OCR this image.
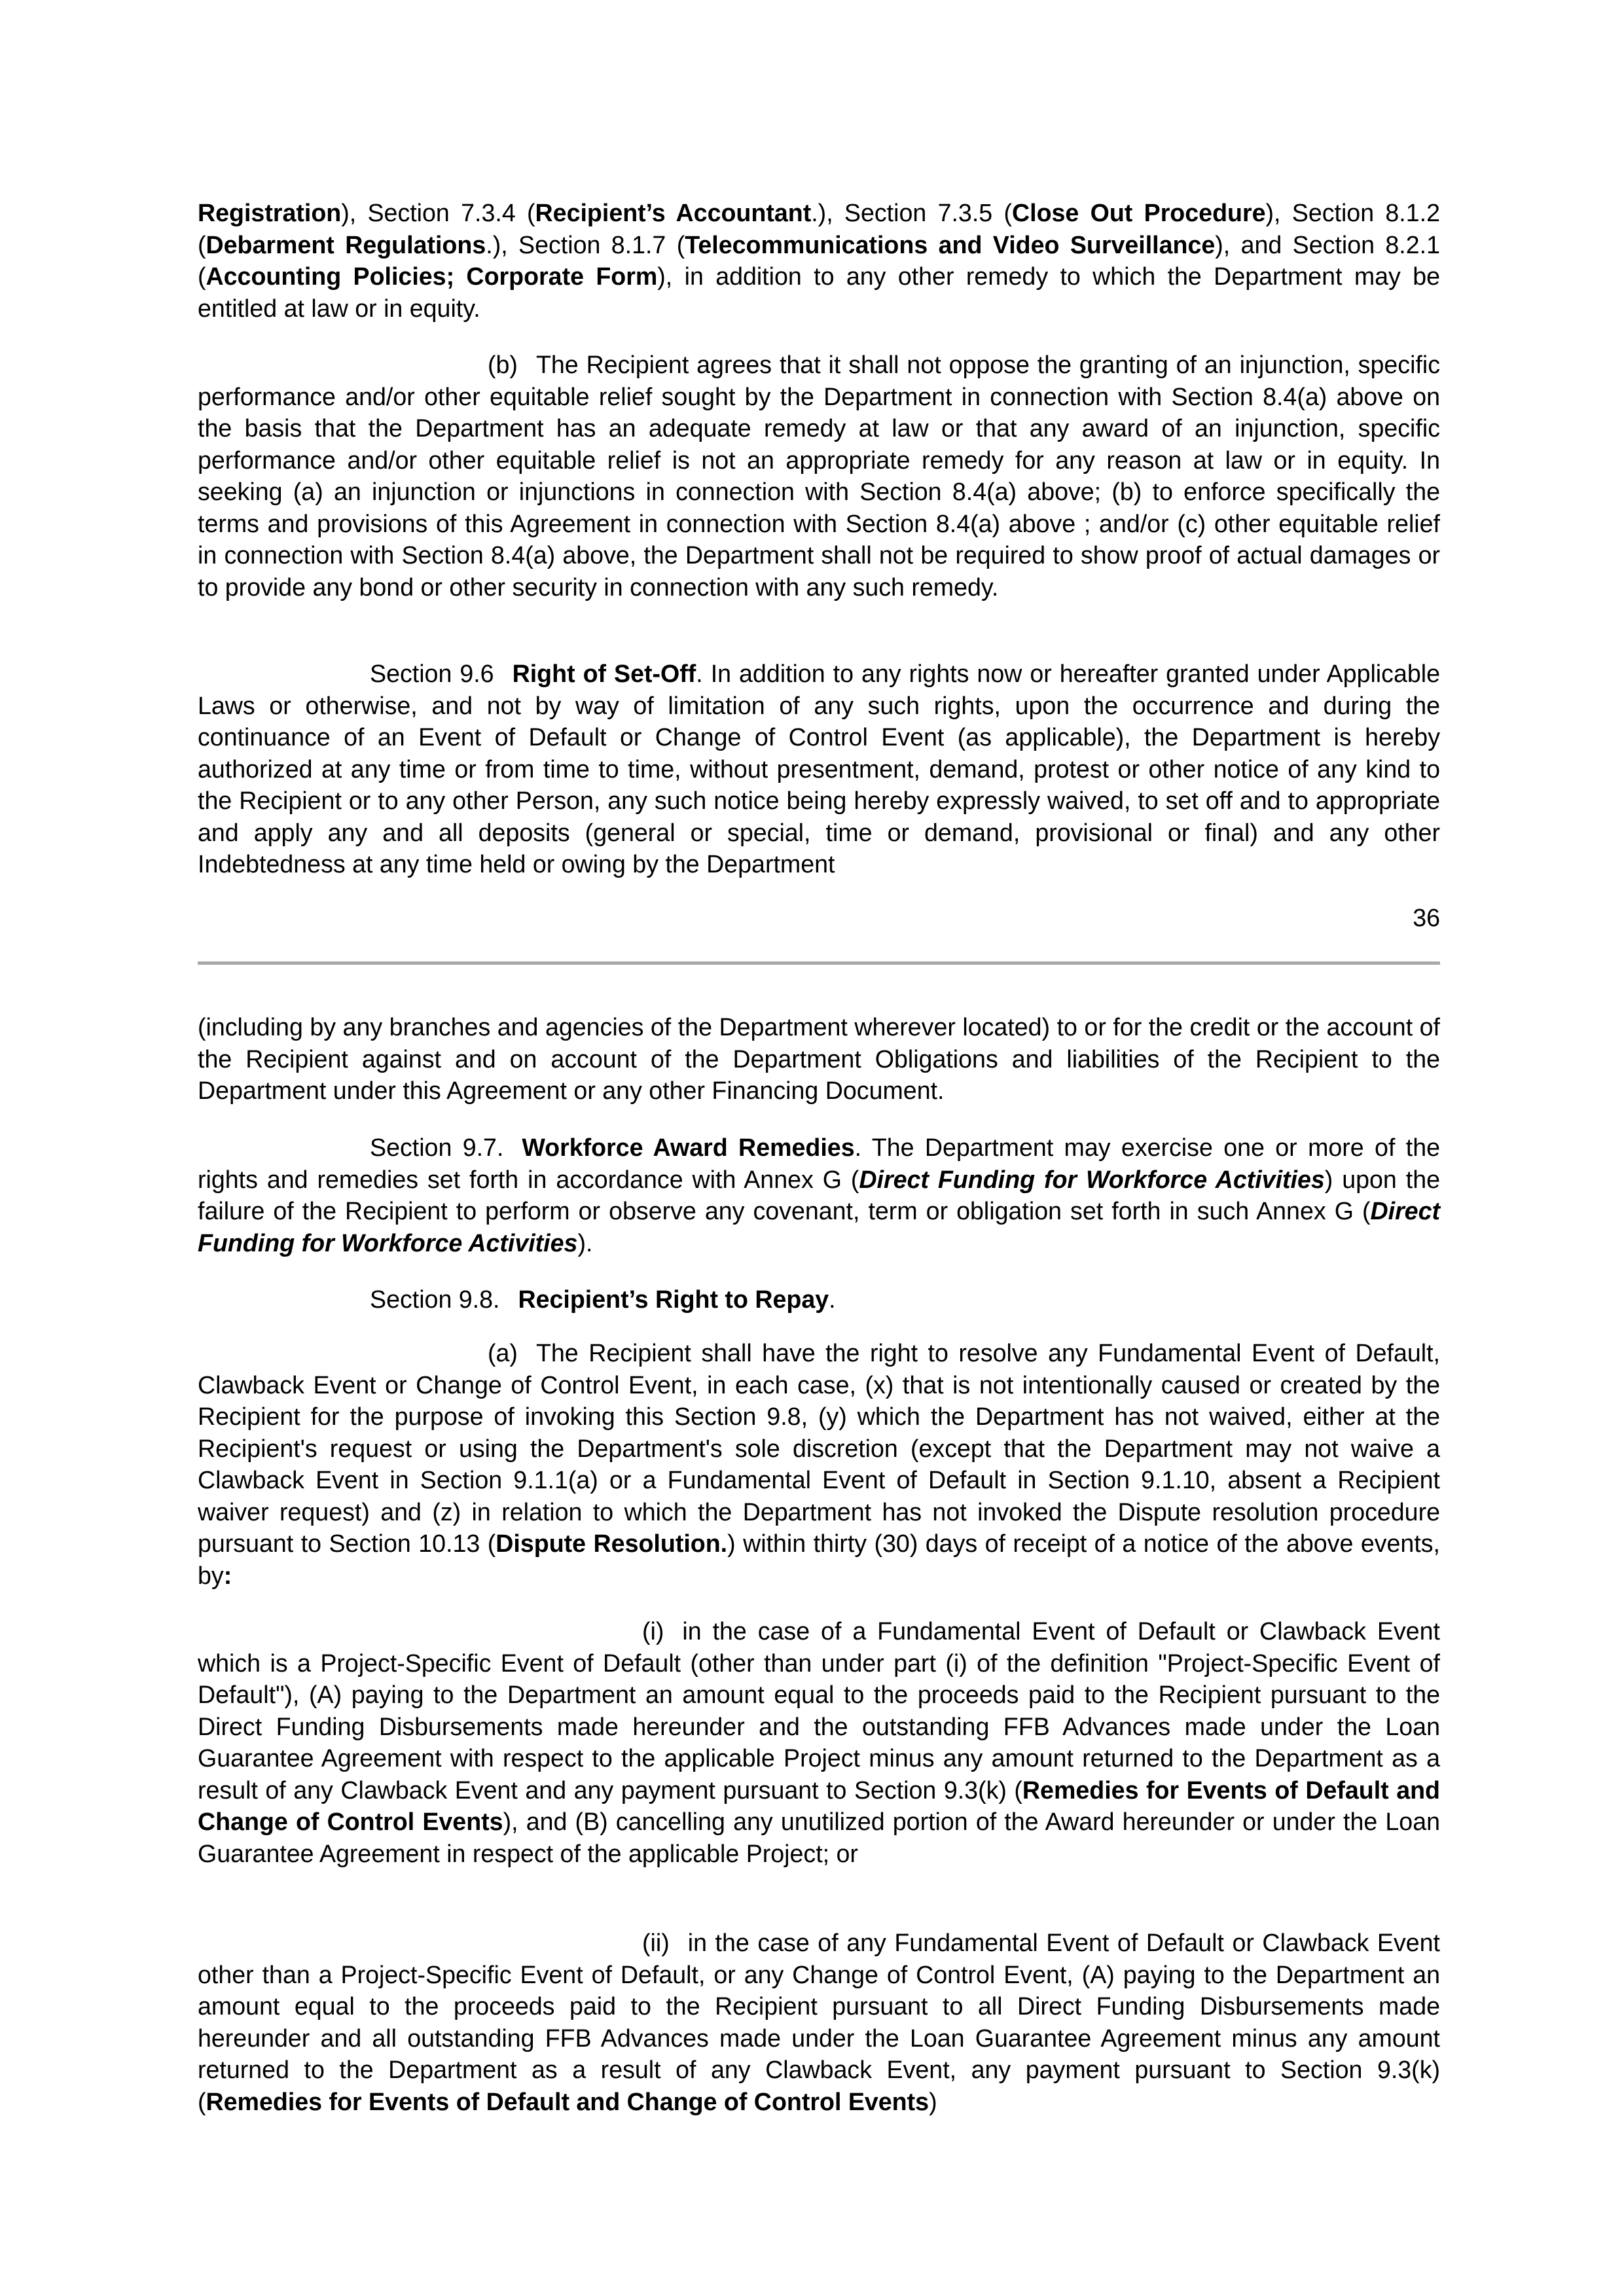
Registration), Section 7.3.4 (Recipient’s Accountant.), Section 7.3.5 (Close Out Procedure), Section 8.1.2 (Debarment Regulations.), Section 8.1.7 (Telecommunications and Video Surveillance), and Section 8.2.1 (Accounting Policies; Corporate Form), in addition to any other remedy to which the Department may be entitled at law or in equity.

(b) The Recipient agrees that it shall not oppose the granting of an injunction, specific performance and/or other equitable relief sought by the Department in connection with Section 8.4(a) above on the basis that the Department has an adequate remedy at law or that any award of an injunction, specific performance and/or other equitable relief is not an appropriate remedy for any reason at law or in equity. In seeking (a) an injunction or injunctions in connection with Section 8.4(a) above; (b) to enforce specifically the terms and provisions of this Agreement in connection with Section 8.4(a) above ; and/or (c) other equitable relief in connection with Section 8.4(a) above, the Department shall not be required to show proof of actual damages or to provide any bond or other security in connection with any such remedy.

Section 9.6 Right of Set-Off. In addition to any rights now or hereafter granted under Applicable Laws or otherwise, and not by way of limitation of any such rights, upon the occurrence and during the continuance of an Event of Default or Change of Control Event (as applicable), the Department is hereby authorized at any time or from time to time, without presentment, demand, protest or other notice of any kind to the Recipient or to any other Person, any such notice being hereby expressly waived, to set off and to appropriate and apply any and all deposits (general or special, time or demand, provisional or final) and any other Indebtedness at any time held or owing by the Department

36

(including by any branches and agencies of the Department wherever located) to or for the credit or the account of the Recipient against and on account of the Department Obligations and liabilities of the Recipient to the Department under this Agreement or any other Financing Document.

Section 9.7. Workforce Award Remedies. The Department may exercise one or more of the rights and remedies set forth in accordance with Annex G (Direct Funding for Workforce Activities) upon the failure of the Recipient to perform or observe any covenant, term or obligation set forth in such Annex G (Direct Funding for Workforce Activities).

Section 9.8. Recipient’s Right to Repay.

(a) The Recipient shall have the right to resolve any Fundamental Event of Default, Clawback Event or Change of Control Event, in each case, (x) that is not intentionally caused or created by the Recipient for the purpose of invoking this Section 9.8, (y) which the Department has not waived, either at the Recipient's request or using the Department's sole discretion (except that the Department may not waive a Clawback Event in Section 9.1.1(a) or a Fundamental Event of Default in Section 9.1.10, absent a Recipient waiver request) and (z) in relation to which the Department has not invoked the Dispute resolution procedure pursuant to Section 10.13 (Dispute Resolution.) within thirty (30) days of receipt of a notice of the above events, by:

(i) in the case of a Fundamental Event of Default or Clawback Event which is a Project-Specific Event of Default (other than under part (i) of the definition "Project-Specific Event of Default"), (A) paying to the Department an amount equal to the proceeds paid to the Recipient pursuant to the Direct Funding Disbursements made hereunder and the outstanding FFB Advances made under the Loan Guarantee Agreement with respect to the applicable Project minus any amount returned to the Department as a result of any Clawback Event and any payment pursuant to Section 9.3(k) (Remedies for Events of Default and Change of Control Events), and (B) cancelling any unutilized portion of the Award hereunder or under the Loan Guarantee Agreement in respect of the applicable Project; or

(ii) in the case of any Fundamental Event of Default or Clawback Event other than a Project-Specific Event of Default, or any Change of Control Event, (A) paying to the Department an amount equal to the proceeds paid to the Recipient pursuant to all Direct Funding Disbursements made hereunder and all outstanding FFB Advances made under the Loan Guarantee Agreement minus any amount returned to the Department as a result of any Clawback Event, any payment pursuant to Section 9.3(k) (Remedies for Events of Default and Change of Control Events)
